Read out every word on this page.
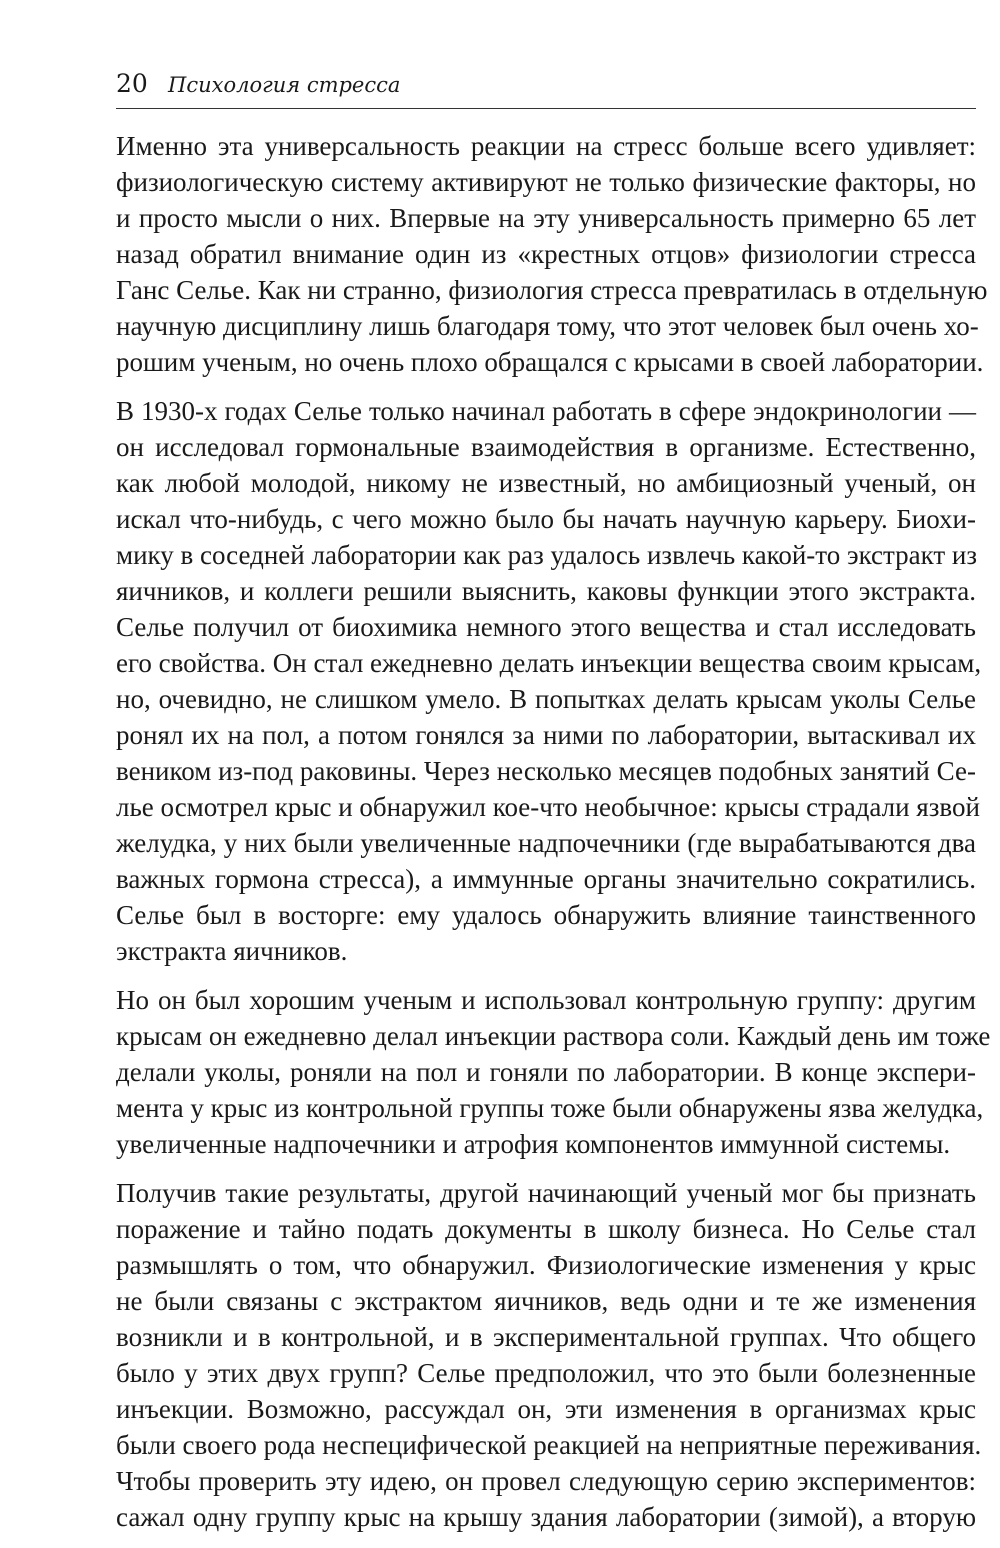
20 Психология стресса
Именно эта универсальность реакции на стресс больше всего удивляет:
физиологическую систему активируют не только физические факторы, но
и просто мысли о них. Впервые на эту универсальность примерно 65 лет
назад обратил внимание один из «крестных отцов» физиологии стресса
Ганс Селье. Как ни странно, физиология стресса превратилась в отдельную
научную дисциплину лишь благодаря тому, что этот человек был очень хо-
рошим ученым, но очень плохо обращался с крысами в своей лаборатории.
В 1930-х годах Селье только начинал работать в сфере эндокринологии —
он исследовал гормональные взаимодействия в организме. Естественно,
как любой молодой, никому не известный, но амбициозный ученый, он
искал что-нибудь, с чего можно было бы начать научную карьеру. Биохи-
мику в соседней лаборатории как раз удалось извлечь какой-то экстракт из
яичников, и коллеги решили выяснить, каковы функции этого экстракта.
Селье получил от биохимика немного этого вещества и стал исследовать
его свойства. Он стал ежедневно делать инъекции вещества своим крысам,
но, очевидно, не слишком умело. В попытках делать крысам уколы Селье
ронял их на пол, а потом гонялся за ними по лаборатории, вытаскивал их
веником из-под раковины. Через несколько месяцев подобных занятий Се-
лье осмотрел крыс и обнаружил кое-что необычное: крысы страдали язвой
желудка, у них были увеличенные надпочечники (где вырабатываются два
важных гормона стресса), а иммунные органы значительно сократились.
Селье был в восторге: ему удалось обнаружить влияние таинственного
экстракта яичников.
Но он был хорошим ученым и использовал контрольную группу: другим
крысам он ежедневно делал инъекции раствора соли. Каждый день им тоже
делали уколы, роняли на пол и гоняли по лаборатории. В конце экспери-
мента у крыс из контрольной группы тоже были обнаружены язва желудка,
увеличенные надпочечники и атрофия компонентов иммунной системы.
Получив такие результаты, другой начинающий ученый мог бы признать
поражение и тайно подать документы в школу бизнеса. Но Селье стал
размышлять о том, что обнаружил. Физиологические изменения у крыс
не были связаны с экстрактом яичников, ведь одни и те же изменения
возникли и в контрольной, и в экспериментальной группах. Что общего
было у этих двух групп? Селье предположил, что это были болезненные
инъекции. Возможно, рассуждал он, эти изменения в организмах крыс
были своего рода неспецифической реакцией на неприятные переживания.
Чтобы проверить эту идею, он провел следующую серию экспериментов:
сажал одну группу крыс на крышу здания лаборатории (зимой), а вторую
